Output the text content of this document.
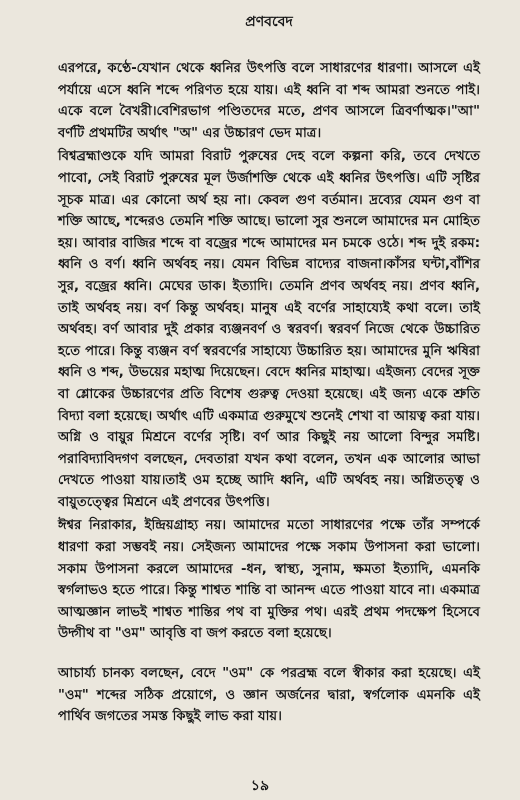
প্রণববেদ

এরপরে, কণ্ঠে-যেখান থেকে ধ্বনির উৎপত্তি বলে সাধারণের ধারণা। আসলে এই পর্যায়ে এসে ধ্বনি শব্দে পরিণত হয়ে যায়। এই ধ্বনি বা শব্দ আমরা শুনতে পাই।একে বলে বৈখরী।বেশিরভাগ পণ্ডিতদের মতে, প্রণব আসলে ত্রিবর্ণাত্মক।"আ" বর্ণটি প্রথমটির অর্থাৎ "অ" এর উচ্চারণ ভেদ মাত্র।

বিশ্বব্রহ্মাণ্ডকে যদি আমরা বিরাট পুরুষের দেহ বলে কল্পনা করি, তবে দেখতে পাবো, সেই বিরাট পুরুষের মূল উর্জাশক্তি থেকে এই ধ্বনির উৎপত্তি। এটি সৃষ্টির সূচক মাত্র। এর কোনো অর্থ হয় না। কেবল গুণ বর্তমান। দ্রব্যের যেমন গুণ বা শক্তি আছে, শব্দেরও তেমনি শক্তি আছে। ভালো সুর শুনলে আমাদের মন মোহিত হয়। আবার বাজির শব্দে বা বজ্রের শব্দে আমাদের মন চমকে ওঠে। শব্দ দুই রকম: ধ্বনি ও বর্ণ। ধ্বনি অর্থবহ নয়। যেমন বিভিন্ন বাদ্যের বাজনা।কাঁসর ঘন্টা,বাঁশির সুর, বজ্রের ধ্বনি। মেঘের ডাক। ইত্যাদি। তেমনি প্রণব অর্থবহ নয়। প্রণব ধ্বনি, তাই অর্থবহ নয়। বর্ণ কিন্তু অর্থবহ। মানুষ এই বর্ণের সাহায্যেই কথা বলে। তাই অর্থবহ। বর্ণ আবার দুই প্রকার ব্যঞ্জনবর্ণ ও স্বরবর্ণ। স্বরবর্ণ নিজে থেকে উচ্চারিত হতে পারে। কিন্তু ব্যঞ্জন বর্ণ স্বরবর্ণের সাহায্যে উচ্চারিত হয়। আমাদের মুনি ঋষিরা ধ্বনি ও শব্দ, উভয়ের মহাত্ম দিয়েছেন। বেদে ধ্বনির মাহাত্ম। এইজন্য বেদের সূক্ত বা শ্লোকের উচ্চারণের প্রতি বিশেষ গুরুত্ব দেওয়া হয়েছে। এই জন্য একে শ্রুতি বিদ্যা বলা হয়েছে। অর্থাৎ এটি একমাত্র গুরুমুখে শুনেই শেখা বা আয়ত্ব করা যায়। অগ্নি ও বায়ুর মিশ্রনে বর্ণের সৃষ্টি। বর্ণ আর কিছুই নয় আলো বিন্দুর সমষ্টি।পরাবিদ্যাবিদগণ বলছেন, দেবতারা যখন কথা বলেন, তখন এক আলোর আভা দেখতে পাওয়া যায়।তাই ওম হচ্ছে আদি ধ্বনি, এটি অর্থবহ নয়। অগ্নিতত্ত্ব ও বায়ুতত্ত্বের মিশ্রনে এই প্রণবের উৎপত্তি।

ঈশ্বর নিরাকার, ইন্দ্রিয়গ্রাহ্য নয়। আমাদের মতো সাধারণের পক্ষে তাঁর সম্পর্কে ধারণা করা সম্ভবই নয়। সেইজন্য আমাদের পক্ষে সকাম উপাসনা করা ভালো।সকাম উপাসনা করলে আমাদের -ধন, স্বাস্থ্য, সুনাম, ক্ষমতা ইত্যাদি, এমনকি স্বর্গলাভও হতে পারে। কিন্তু শাশ্বত শান্তি বা আনন্দ এতে পাওয়া যাবে না। একমাত্র আত্মজ্ঞান লাভই শাশ্বত শান্তির পথ বা মুক্তির পথ। এরই প্রথম পদক্ষেপ হিসেবে উদ্গীথ বা "ওম" আবৃত্তি বা জপ করতে বলা হয়েছে।

আচার্য্য চানক্য বলছেন, বেদে "ওম" কে পরব্রহ্ম বলে স্বীকার করা হয়েছে। এই "ওম" শব্দের সঠিক প্রয়োগে, ও জ্ঞান অর্জনের দ্বারা, স্বর্গলোক এমনকি এই পার্থিব জগতের সমস্ত কিছুই লাভ করা যায়।

১৯
